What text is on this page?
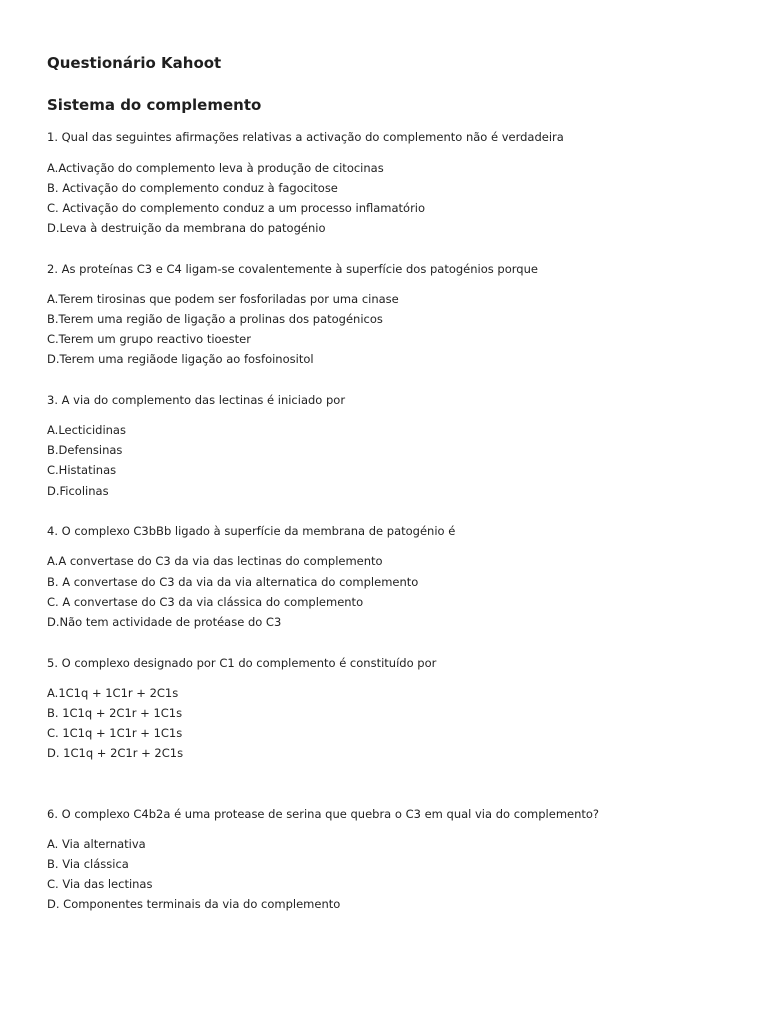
Questionário Kahoot
Sistema do complemento
1. Qual das seguintes afirmações relativas a activação do complemento não é verdadeira
A.Activação do complemento leva à produção de citocinas
B. Activação do complemento conduz à fagocitose
C. Activação do complemento conduz a um processo inflamatório
D.Leva à destruição da membrana do patogénio
2. As proteínas C3 e C4 ligam-se covalentemente à superfície dos patogénios porque
A.Terem tirosinas que podem ser fosforiladas por uma cinase
B.Terem uma região de ligação a prolinas dos patogénicos
C.Terem um grupo reactivo tioester
D.Terem uma regiãode ligação ao fosfoinositol
3. A via do complemento das lectinas é iniciado por
A.Lecticidinas
B.Defensinas
C.Histatinas
D.Ficolinas
4. O complexo C3bBb ligado à superfície da membrana de patogénio é
A.A convertase do C3 da via das lectinas do complemento
B. A convertase do C3 da via da via alternatica do complemento
C. A convertase do C3 da via clássica do complemento
D.Não tem actividade de protéase do C3
5. O complexo designado por C1 do complemento é constituído por
A.1C1q + 1C1r + 2C1s
B. 1C1q + 2C1r + 1C1s
C. 1C1q + 1C1r + 1C1s
D. 1C1q + 2C1r + 2C1s
6. O complexo C4b2a é uma protease de serina que quebra o C3 em qual via do complemento?
A. Via alternativa
B. Via clássica
C. Via das lectinas
D. Componentes terminais da via do complemento
